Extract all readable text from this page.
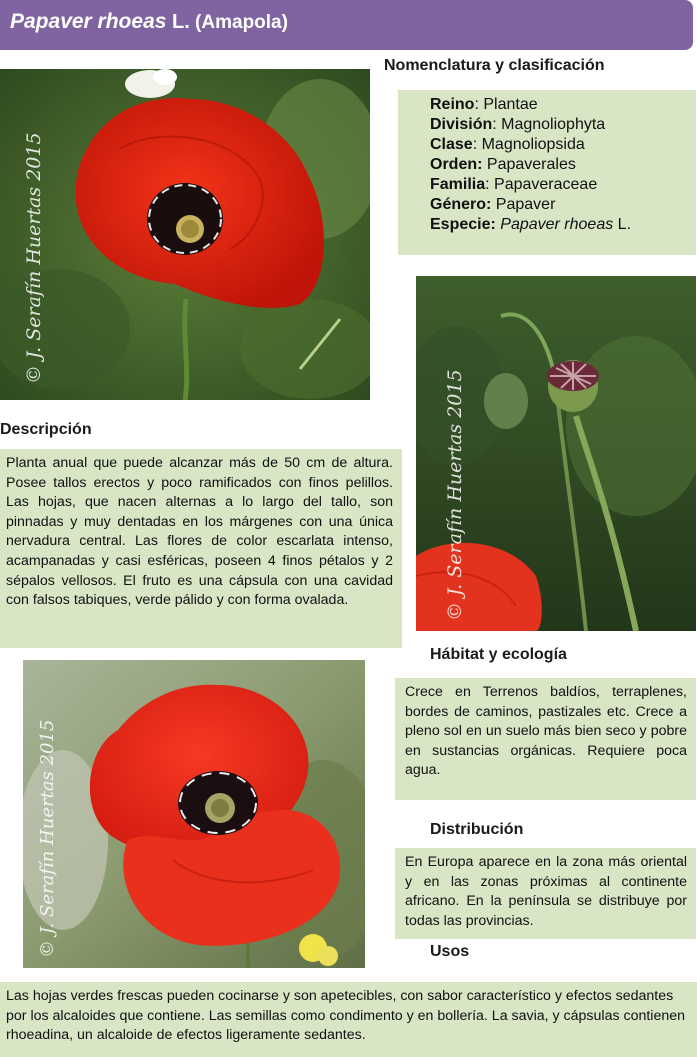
Papaver rhoeas L. (Amapola)
© J. Serafín Huertas 2015
Nomenclatura y clasificación
Reino: Plantae
División: Magnoliophyta
Clase: Magnoliopsida
Orden: Papaverales
Familia: Papaveraceae
Género: Papaver
Especie: Papaver rhoeas L.
© J. Serafín Huertas 2015
Descripción

Planta anual que puede alcanzar más de 50 cm de altura. Posee tallos erectos y poco ramificados con finos pelillos. Las hojas, que nacen alternas a lo largo del tallo, son pinnadas y muy dentadas en los márgenes con una única nervadura central. Las flores de color escarlata intenso, acampanadas y casi esféricas, poseen 4 finos pétalos y 2 sépalos vellosos. El fruto es una cápsula con una cavidad con falsos tabiques, verde pálido y con forma ovalada.

© J. Serafín Huertas 2015
Hábitat y ecología

Crece en Terrenos baldíos, terraplenes, bordes de caminos, pastizales etc. Crece a pleno sol en un suelo más bien seco y pobre en sustancias orgánicas. Requiere poca agua.

Distribución

En Europa aparece en la zona más oriental y en las zonas próximas al continente africano. En la península se distribuye por todas las provincias.

Usos

Las hojas verdes frescas pueden cocinarse y son apetecibles, con sabor característico y efectos sedantes por los alcaloides que contiene. Las semillas como condimento y en bollería. La savia, y cápsulas contienen rhoeadina, un alcaloide de efectos ligeramente sedantes.
